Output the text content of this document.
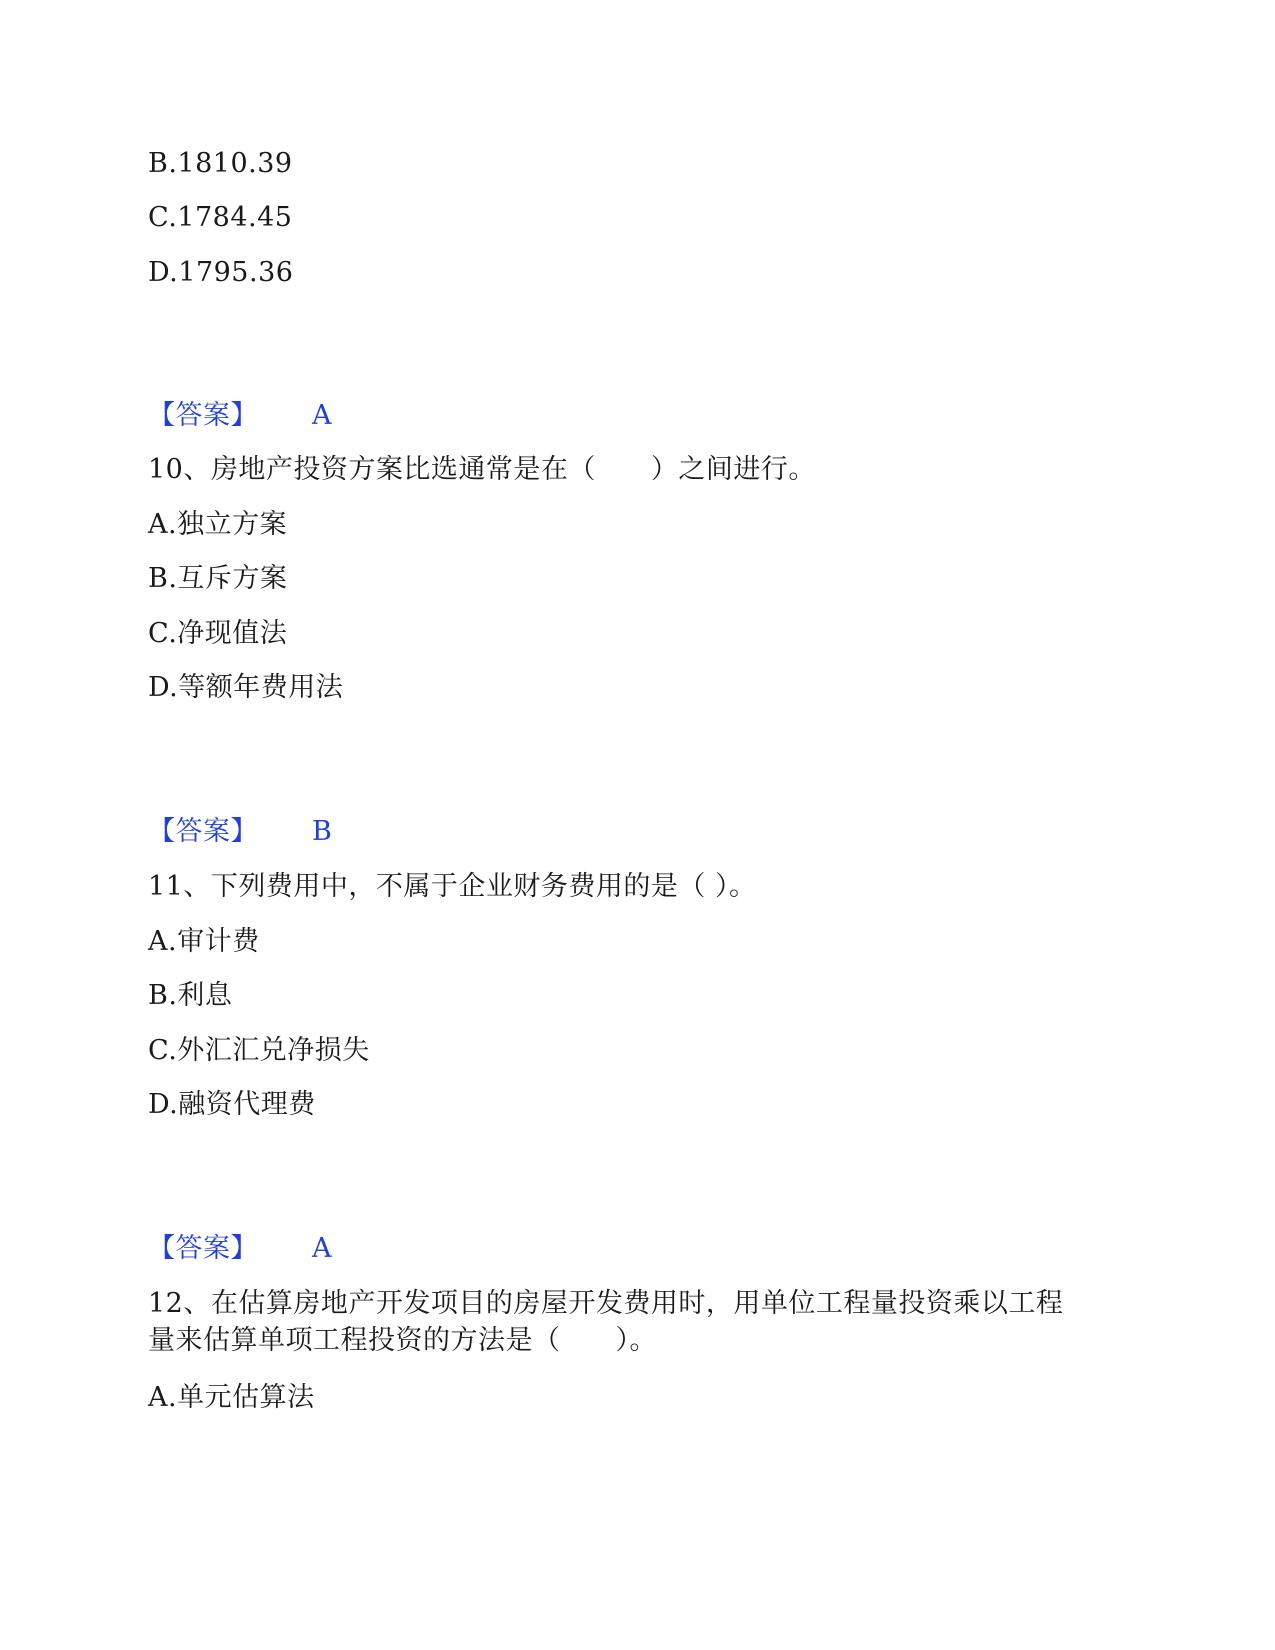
B.1810.39
C.1784.45
D.1795.36
【答案】 A
10、房地产投资方案比选通常是在（　　）之间进行。
A.独立方案
B.互斥方案
C.净现值法
D.等额年费用法
【答案】 B
11、下列费用中，不属于企业财务费用的是（ ）。
A.审计费
B.利息
C.外汇汇兑净损失
D.融资代理费
【答案】 A
12、在估算房地产开发项目的房屋开发费用时，用单位工程量投资乘以工程
量来估算单项工程投资的方法是（　　）。
A.单元估算法
